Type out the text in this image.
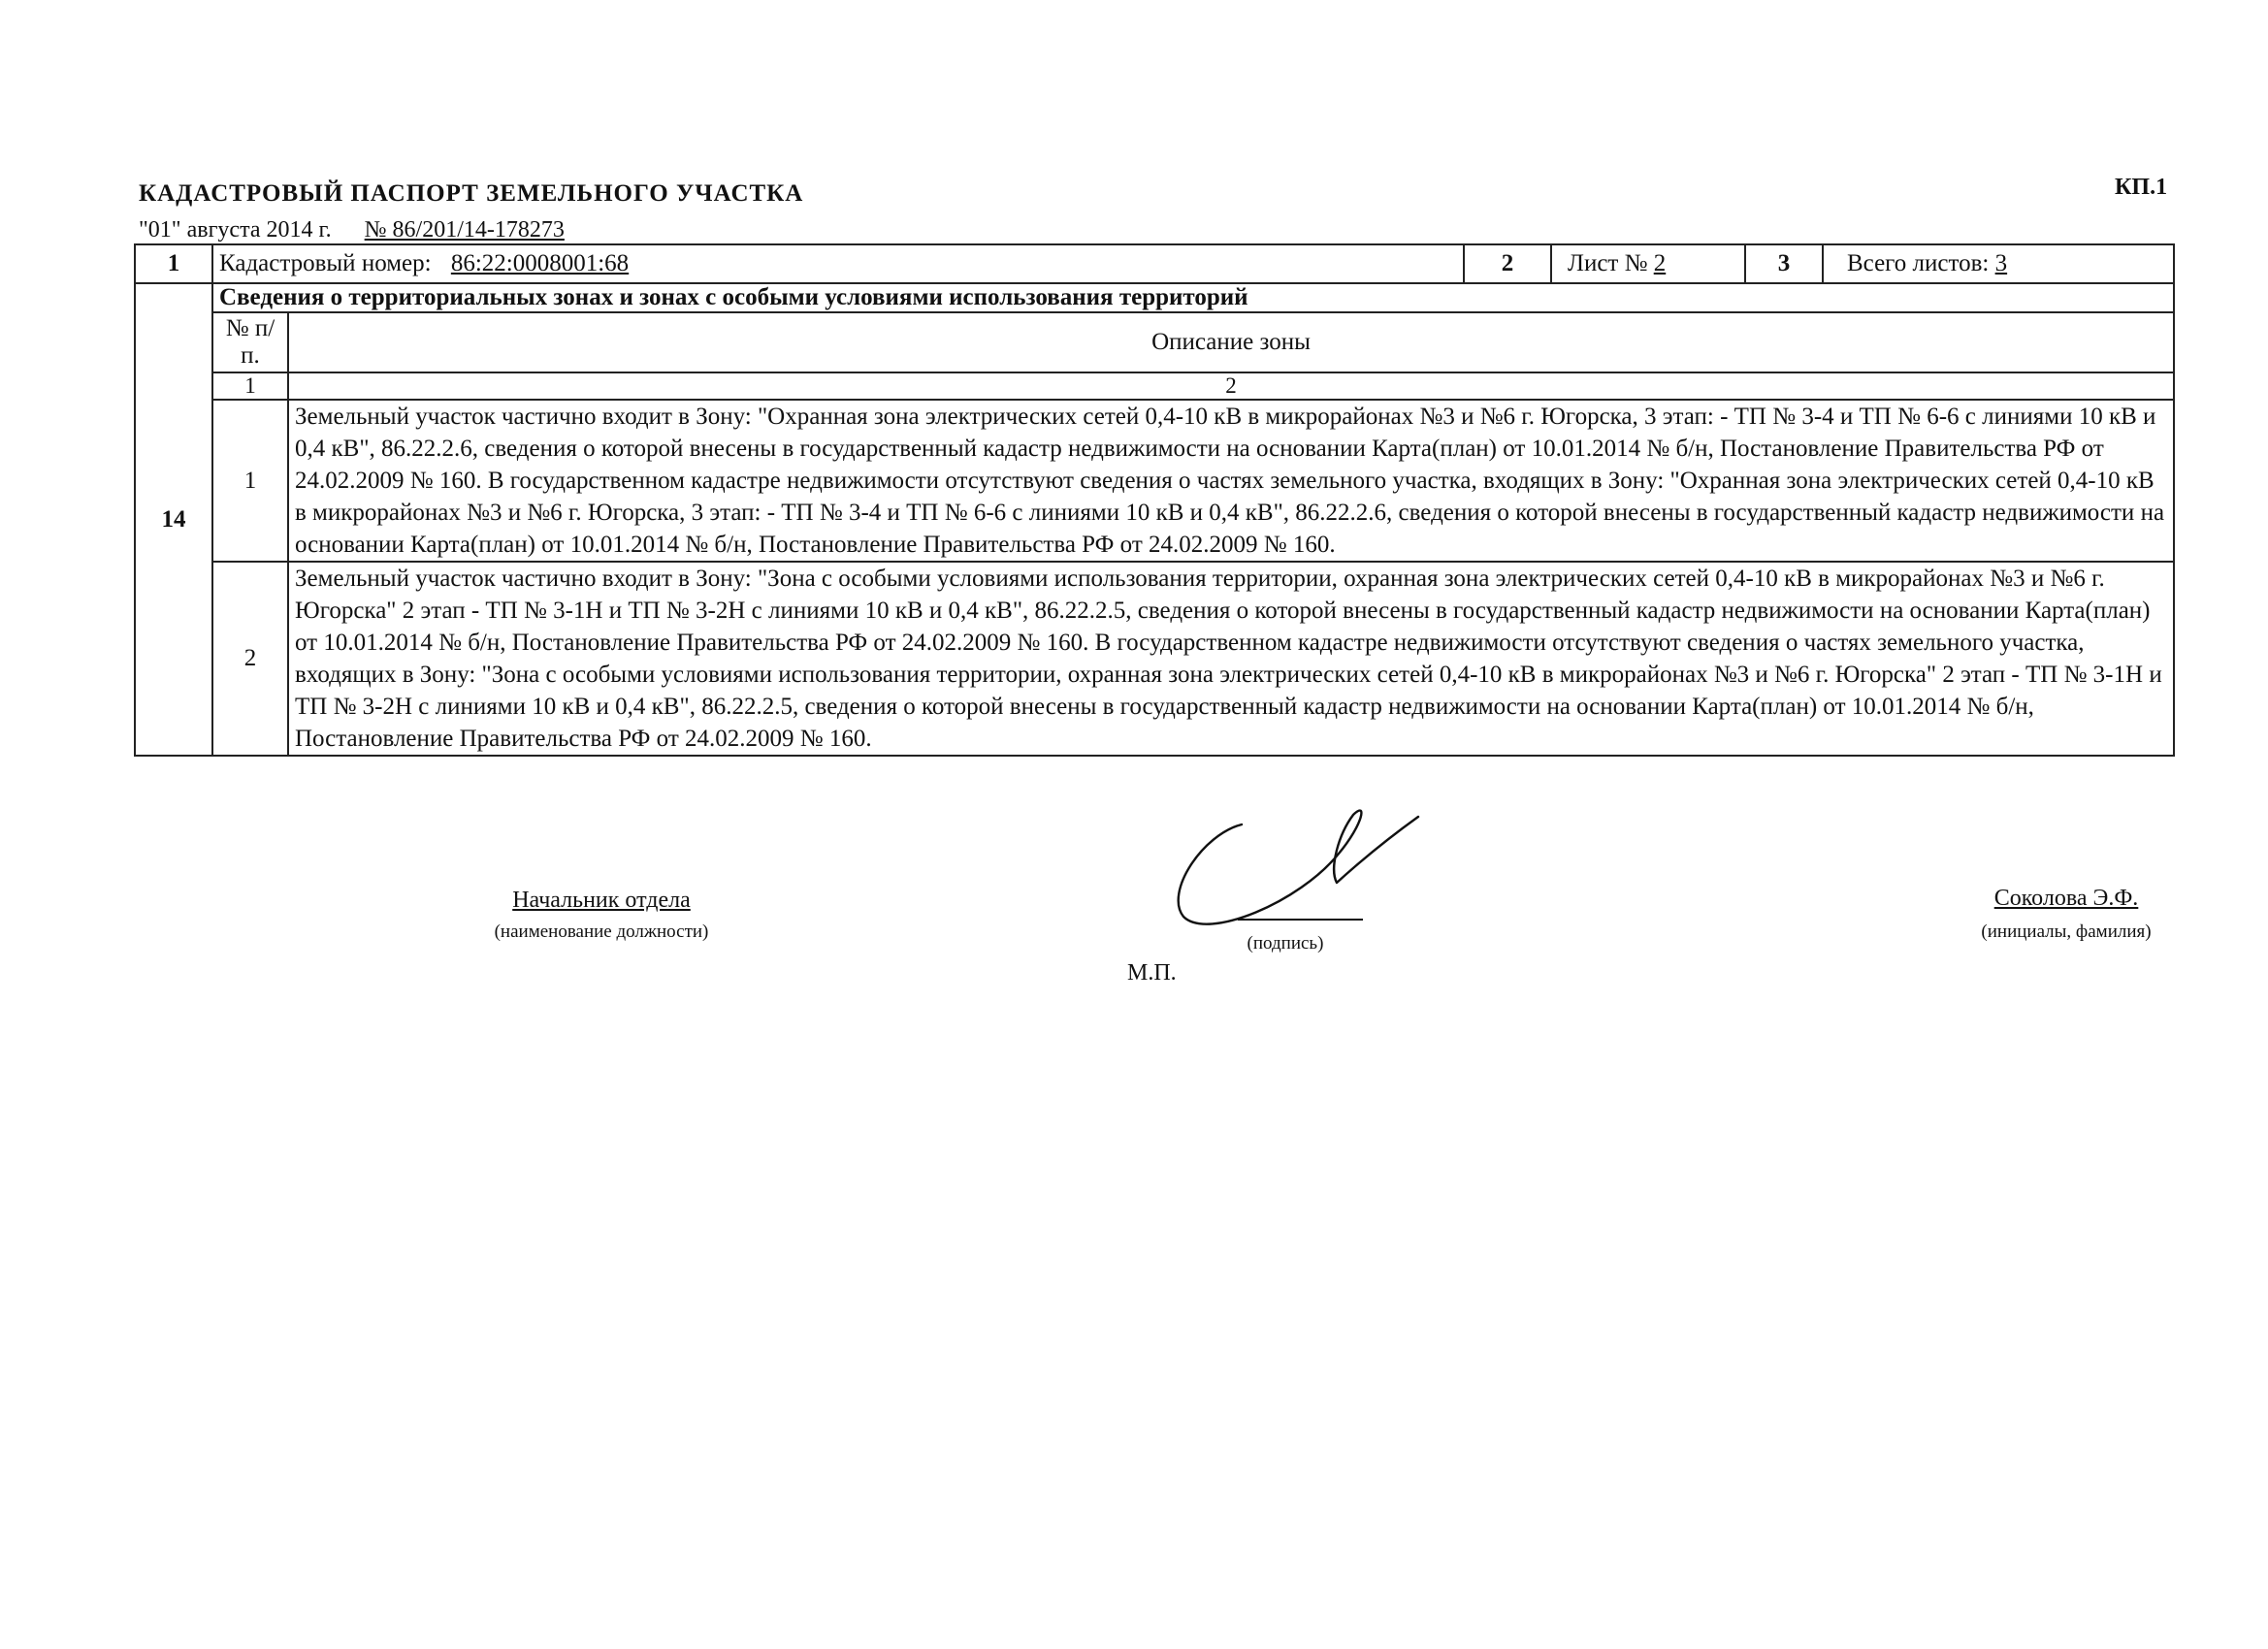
КАДАСТРОВЫЙ ПАСПОРТ ЗЕМЕЛЬНОГО УЧАСТКА	КП.1
"01" августа 2014 г. № 86/201/14-178273
1	Кадастровый номер: 86:22:0008001:68		2	Лист № 2	3	Всего листов: 3
14	Сведения о территориальных зонах и зонах с особыми условиями использования территорий					
	№ п/п.	Описание зоны				
	1	2				
	1	Земельный участок частично входит в Зону: "Охранная зона электрических сетей 0,4-10 кВ в микрорайонах №3 и №6 г. Югорска, 3 этап: - ТП № 3-4 и ТП № 6-6 с линиями 10 кВ и 0,4 кВ", 86.22.2.6, сведения о которой внесены в государственный кадастр недвижимости на основании Карта(план) от 10.01.2014 № б/н, Постановление Правительства РФ от 24.02.2009 № 160. В государственном кадастре недвижимости отсутствуют сведения о частях земельного участка, входящих в Зону: "Охранная зона электрических сетей 0,4-10 кВ в микрорайонах №3 и №6 г. Югорска, 3 этап: - ТП № 3-4 и ТП № 6-6 с линиями 10 кВ и 0,4 кВ", 86.22.2.6, сведения о которой внесены в государственный кадастр недвижимости на основании Карта(план) от 10.01.2014 № б/н, Постановление Правительства РФ от 24.02.2009 № 160.				
	2	Земельный участок частично входит в Зону: "Зона с особыми условиями использования территории, охранная зона электрических сетей 0,4-10 кВ в микрорайонах №3 и №6 г. Югорска" 2 этап - ТП № 3-1Н и ТП № 3-2Н с линиями 10 кВ и 0,4 кВ", 86.22.2.5, сведения о которой внесены в государственный кадастр недвижимости на основании Карта(план) от 10.01.2014 № б/н, Постановление Правительства РФ от 24.02.2009 № 160. В государственном кадастре недвижимости отсутствуют сведения о частях земельного участка, входящих в Зону: "Зона с особыми условиями использования территории, охранная зона электрических сетей 0,4-10 кВ в микрорайонах №3 и №6 г. Югорска" 2 этап - ТП № 3-1Н и ТП № 3-2Н с линиями 10 кВ и 0,4 кВ", 86.22.2.5, сведения о которой внесены в государственный кадастр недвижимости на основании Карта(план) от 10.01.2014 № б/н, Постановление Правительства РФ от 24.02.2009 № 160.				
Начальник отдела
(наименование должности)
(подпись)
М.П.
Соколова Э.Ф.
(инициалы, фамилия)
